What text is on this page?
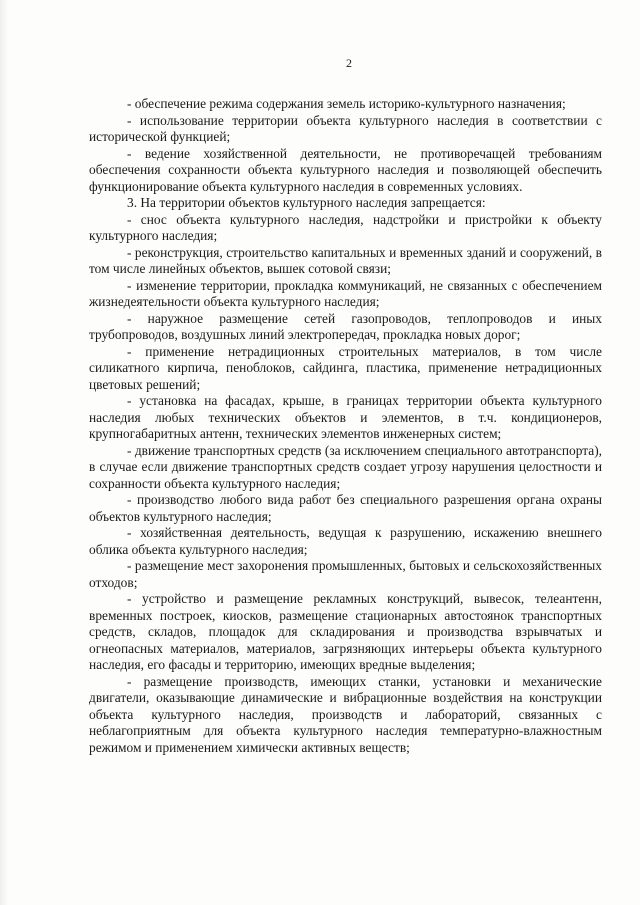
2

- обеспечение режима содержания земель историко-культурного назначения;

- использование территории объекта культурного наследия в соответствии с исторической функцией;

- ведение хозяйственной деятельности, не противоречащей требованиям обеспечения сохранности объекта культурного наследия и позволяющей обеспечить функционирование объекта культурного наследия в современных условиях.

3. На территории объектов культурного наследия запрещается:

- снос объекта культурного наследия, надстройки и пристройки к объекту культурного наследия;

- реконструкция, строительство капитальных и временных зданий и сооружений, в том числе линейных объектов, вышек сотовой связи;

- изменение территории, прокладка коммуникаций, не связанных с обеспечением жизнедеятельности объекта культурного наследия;

- наружное размещение сетей газопроводов, теплопроводов и иных трубопроводов, воздушных линий электропередач, прокладка новых дорог;

- применение нетрадиционных строительных материалов, в том числе силикатного кирпича, пеноблоков, сайдинга, пластика, применение нетрадиционных цветовых решений;

- установка на фасадах, крыше, в границах территории объекта культурного наследия любых технических объектов и элементов, в т.ч. кондиционеров, крупногабаритных антенн, технических элементов инженерных систем;

- движение транспортных средств (за исключением специального автотранспорта), в случае если движение транспортных средств создает угрозу нарушения целостности и сохранности объекта культурного наследия;

- производство любого вида работ без специального разрешения органа охраны объектов культурного наследия;

- хозяйственная деятельность, ведущая к разрушению, искажению внешнего облика объекта культурного наследия;

- размещение мест захоронения промышленных, бытовых и сельскохозяйственных отходов;

- устройство и размещение рекламных конструкций, вывесок, телеантенн, временных построек, киосков, размещение стационарных автостоянок транспортных средств, складов, площадок для складирования и производства взрывчатых и огнеопасных материалов, материалов, загрязняющих интерьеры объекта культурного наследия, его фасады и территорию, имеющих вредные выделения;

- размещение производств, имеющих станки, установки и механические двигатели, оказывающие динамические и вибрационные воздействия на конструкции объекта культурного наследия, производств и лабораторий, связанных с неблагоприятным для объекта культурного наследия температурно-влажностным режимом и применением химически активных веществ;
